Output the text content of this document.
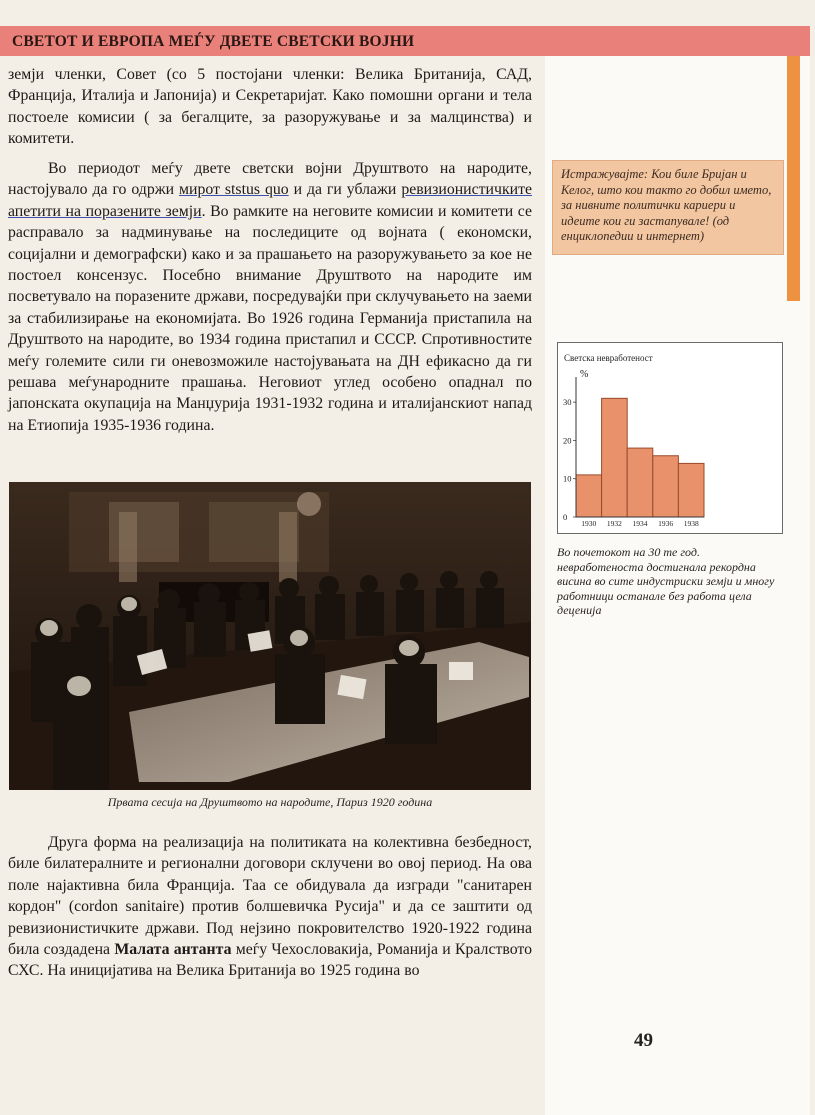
СВЕТОТ И ЕВРОПА МЕЃУ ДВЕТЕ СВЕТСКИ ВОЈНИ
Истражувајте: Кои биле Бријан и Келог, што кои такто го добил името, за нивните политички кариери и идеите кои ги застапувале! (од енциклопедии и интернет)

земји членки, Совет (со 5 постојани членки: Велика Британија, САД, Франција, Италија и Јапонија) и Секретаријат. Како помошни органи и тела постоеле комисии ( за бегалците, за разоружување и за малцинства) и комитети.

Во периодот меѓу двете светски војни Друштвото на народите, настојувало да го одржи мирот ststus quo и да ги ублажи ревизионистичките апетити на поразените земји. Во рамките на неговите комисии и комитети се расправало за надминување на последиците од војната ( економски, социјални и демографски) како и за прашањето на разоружувањето за кое не постоел консензус. Посебно внимание Друштвото на народите им посветувало на поразените држави, посредувајќи при склучувањето на заеми за стабилизирање на економијата. Во 1926 година Германија пристапила на Друштвото на народите, во 1934 година пристапил и СССР. Спротивностите меѓу големите сили ги оневозможиле настојувањата на ДН ефикасно да ги решава меѓународните прашања. Неговиот углед особено опаднал по јапонската окупација на Манџурија 1931-1932 година и италијанскиот напад на Етиопија 1935-1936 година.

Првата сесија на Друштвото на народите, Париз 1920 година
Светска невработеност
%
0
10
20
30
1930 1932 1934 1936 1938
Во почетокот на 30 те год. невработеноста достигнала рекордна висина во сите индустриски земји и многу работници останале без работа цела деценија

Друга форма на реализација на политиката на колективна безбедност, биле билатералните и регионални договори склучени во овој период. На ова поле најактивна била Франција. Таа се обидувала да изгради "санитарен кордон" (cordon sanitaire) против болшевичка Русија" и да се заштити од ревизионистичките држави. Под нејзино покровителство 1920-1922 година била создадена Малата антанта меѓу Чехословакија, Романија и Кралството СХС. На иницијатива на Велика Британија во 1925 година во

49
